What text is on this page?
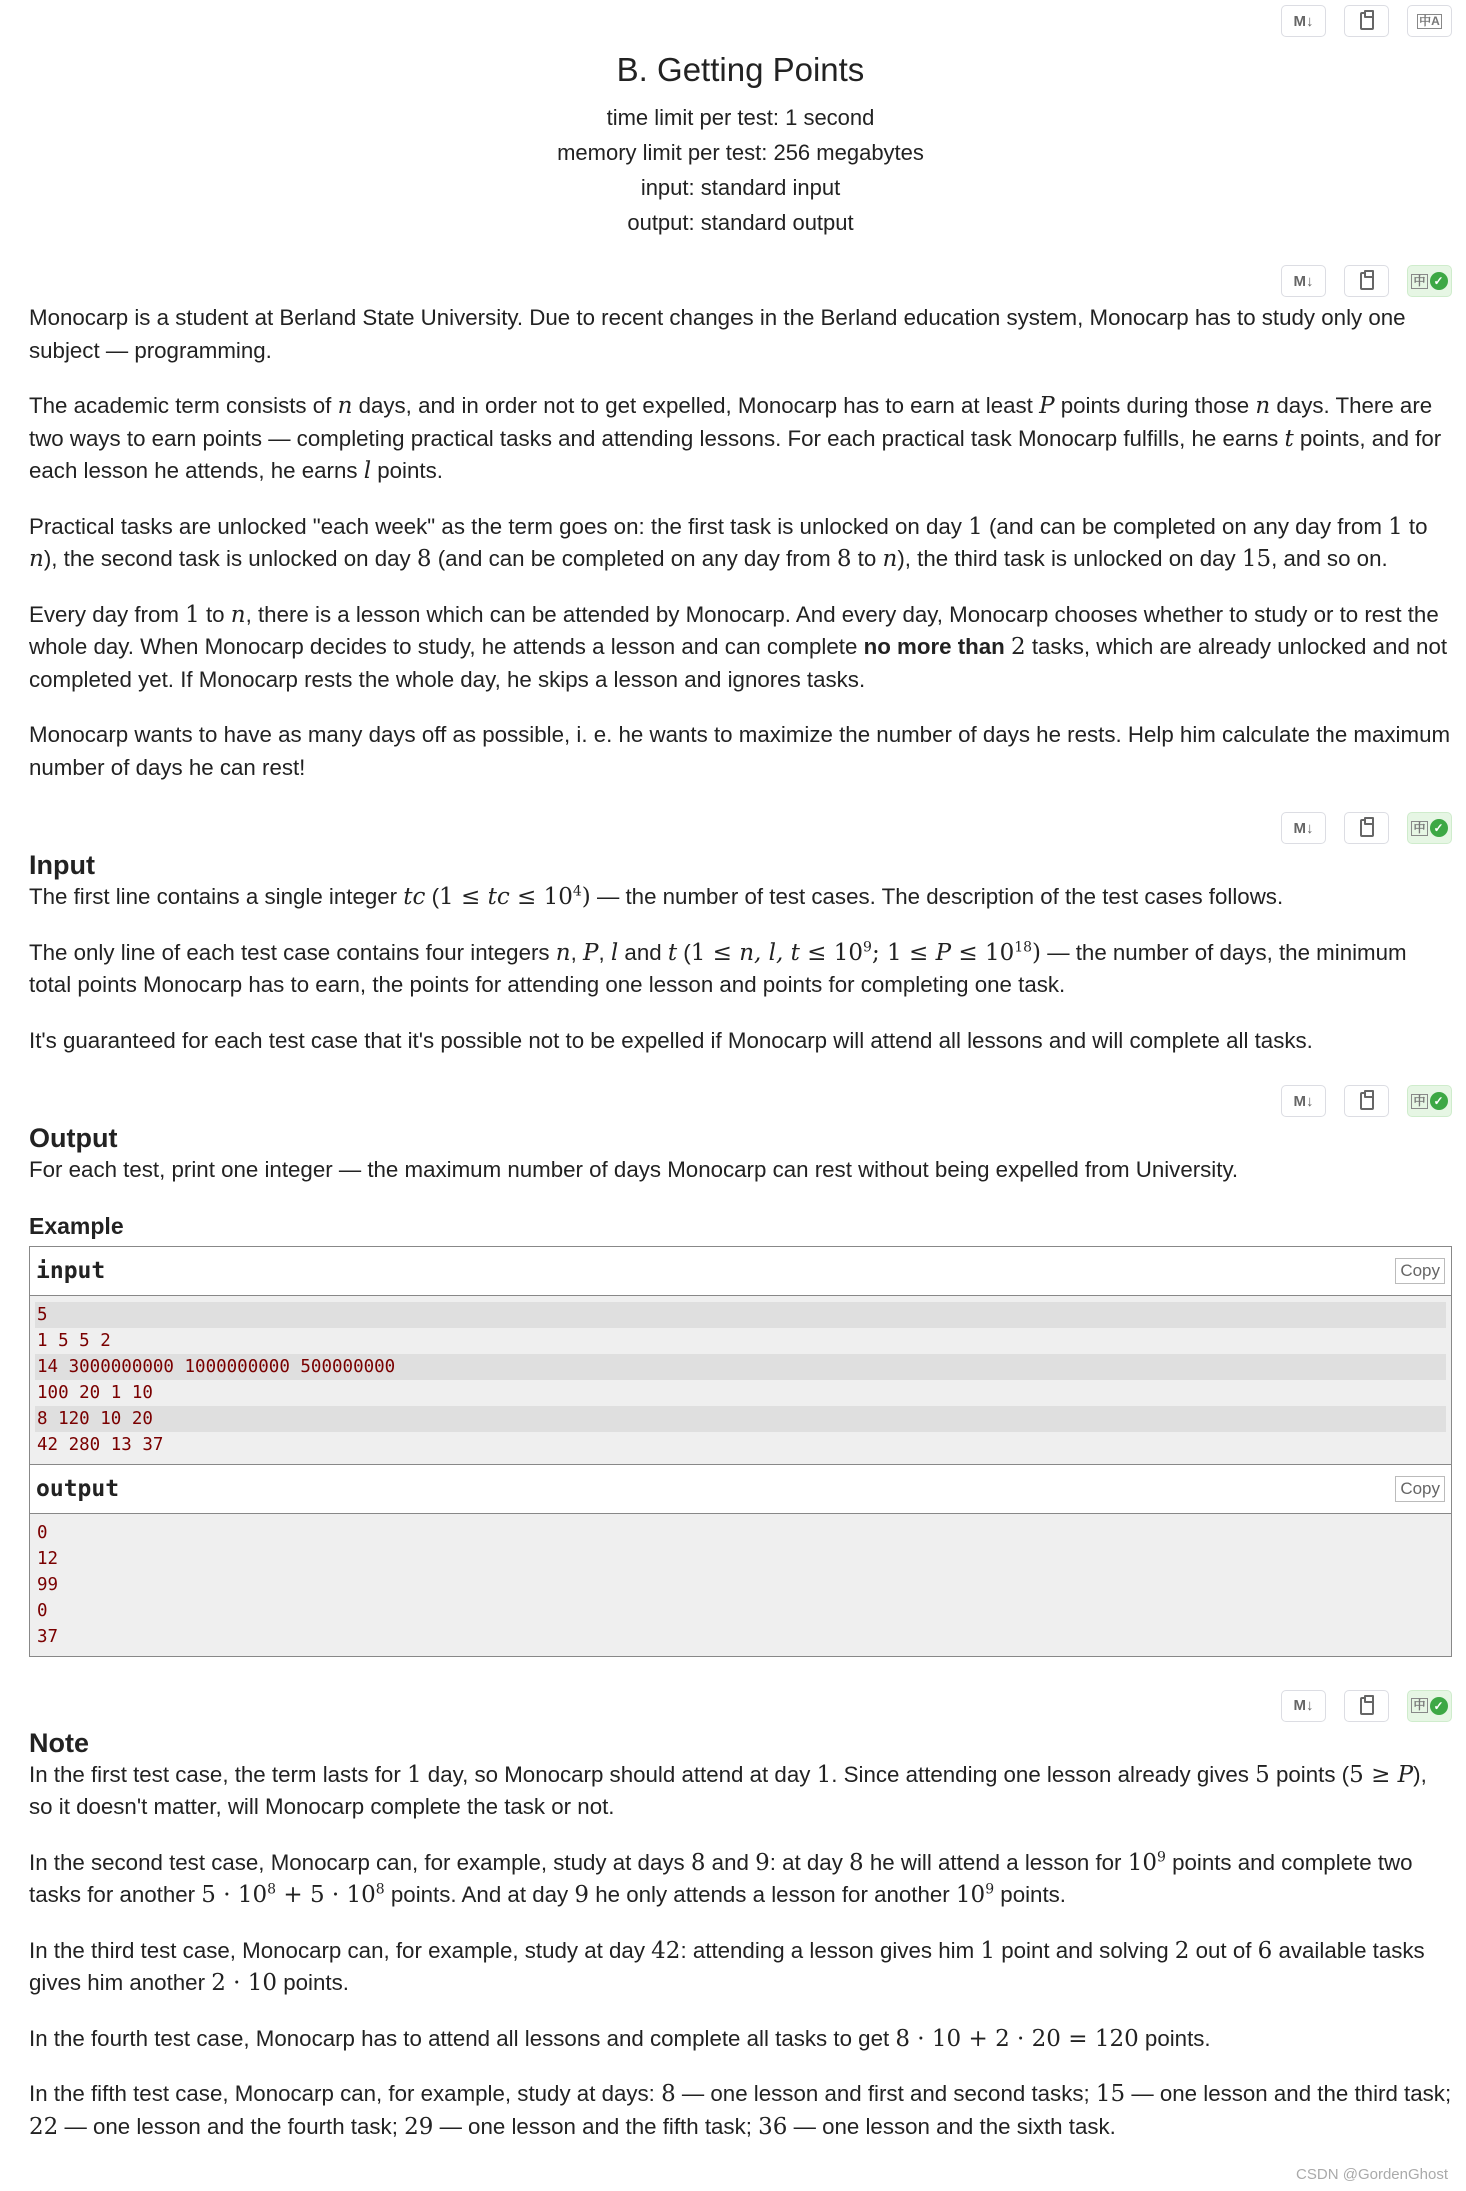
M↓	中A
B. Getting Points
time limit per test: 1 second
memory limit per test: 256 megabytes
input: standard input
output: standard output
M↓	中 ✓
Monocarp is a student at Berland State University. Due to recent changes in the Berland education system, Monocarp has to study only one subject — programming.
The academic term consists of n days, and in order not to get expelled, Monocarp has to earn at least P points during those n days. There are two ways to earn points — completing practical tasks and attending lessons. For each practical task Monocarp fulfills, he earns t points, and for each lesson he attends, he earns l points.
Practical tasks are unlocked "each week" as the term goes on: the first task is unlocked on day 1 (and can be completed on any day from 1 to n), the second task is unlocked on day 8 (and can be completed on any day from 8 to n), the third task is unlocked on day 15, and so on.
Every day from 1 to n, there is a lesson which can be attended by Monocarp. And every day, Monocarp chooses whether to study or to rest the whole day. When Monocarp decides to study, he attends a lesson and can complete no more than 2 tasks, which are already unlocked and not completed yet. If Monocarp rests the whole day, he skips a lesson and ignores tasks.
Monocarp wants to have as many days off as possible, i. e. he wants to maximize the number of days he rests. Help him calculate the maximum number of days he can rest!
M↓	中 ✓
Input
The first line contains a single integer tc (1 ≤ tc ≤ $10^4$) — the number of test cases. The description of the test cases follows.
The only line of each test case contains four integers n, P, l and t (1 ≤ n, l, $t \le 10^9$; $1 \le P \le 10^{18}$) — the number of days, the minimum total points Monocarp has to earn, the points for attending one lesson and points for completing one task.
It's guaranteed for each test case that it's possible not to be expelled if Monocarp will attend all lessons and will complete all tasks.
M↓	中 ✓
Output
For each test, print one integer — the maximum number of days Monocarp can rest without being expelled from University.
Example
input	Copy
5
1 5 5 2
14 3000000000 1000000000 500000000
100 20 1 10
8 120 10 20
42 280 13 37
output	Copy
0
12
99
0
37
M↓	中 ✓
Note
In the first test case, the term lasts for 1 day, so Monocarp should attend at day 1. Since attending one lesson already gives 5 points (5 ≥ P), so it doesn't matter, will Monocarp complete the task or not.
In the second test case, Monocarp can, for example, study at days 8 and 9: at day 8 he will attend a lesson for $10^9$ points and complete two tasks for another $5 \cdot 10^8 + 5 \cdot 10^8$ points. And at day 9 he only attends a lesson for another $10^9$ points.
In the third test case, Monocarp can, for example, study at day 42: attending a lesson gives him 1 point and solving 2 out of 6 available tasks gives him another 2 · 10 points.
In the fourth test case, Monocarp has to attend all lessons and complete all tasks to get 8 · 10 + 2 · 20 = 120 points.
In the fifth test case, Monocarp can, for example, study at days: 8 — one lesson and first and second tasks; 15 — one lesson and the third task; 22 — one lesson and the fourth task; 29 — one lesson and the fifth task; 36 — one lesson and the sixth task.
CSDN @GordenGhost
